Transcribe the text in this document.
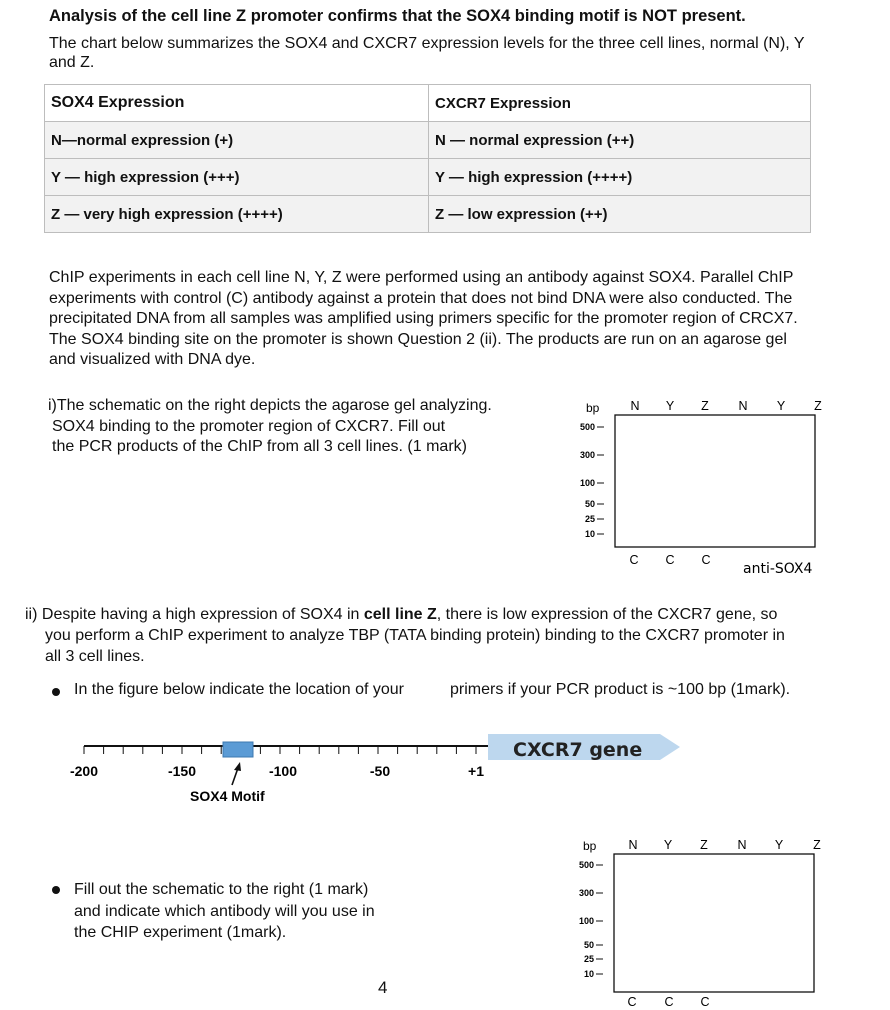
Analysis of the cell line Z promoter confirms that the SOX4 binding motif is NOT present.
The chart below summarizes the SOX4 and CXCR7 expression levels for the three cell lines, normal (N), Y and Z.
SOX4 Expression	CXCR7 Expression
N—normal expression (+)	N — normal expression (++)
Y — high expression (+++)	Y — high expression (++++)
Z — very high expression (++++)	Z — low expression (++)
ChIP experiments in each cell line N, Y, Z were performed using an antibody against SOX4. Parallel ChIP experiments with control (C) antibody against a protein that does not bind DNA were also conducted. The precipitated DNA from all samples was amplified using primers specific for the promoter region of CRCX7. The SOX4 binding site on the promoter is shown Question 2 (ii). The products are run on an agarose gel and visualized with DNA dye.
i)The schematic on the right depicts the agarose gel analyzing.
SOX4 binding to the promoter region of CXCR7. Fill out
the PCR products of the ChIP from all 3 cell lines. (1 mark)
bp N Y Z N Y Z
500
300
100
50
25
10
C C C
anti-SOX4
ii) Despite having a high expression of SOX4 in cell line Z, there is low expression of the CXCR7 gene, so
you perform a ChIP experiment to analyze TBP (TATA binding protein) binding to the CXCR7 promoter in
all 3 cell lines.
In the figure below indicate the location of your	primers if your PCR product is ~100 bp (1mark).
CXCR7 gene
-200	-150	-100	-50	+1
SOX4 Motif
Fill out the schematic to the right (1 mark)
and indicate which antibody will you use in
the CHIP experiment (1mark).
bp	N Y Z N Y Z
500
300
100
50
25
10
C C C
4
